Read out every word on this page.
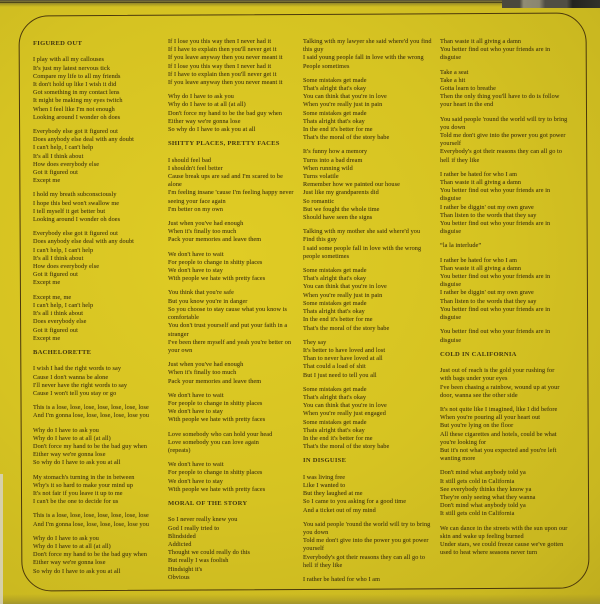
FIGURED OUT
I play with all my callouses
It's just my latest nervous tick
Compare my life to all my friends
It don't hold up like I wish it did
Got something in my contact lens
It might be making my eyes twitch
When I feel like I'm not enough
Looking around I wonder oh does
Everybody else got it figured out
Does anybody else deal with any doubt
I can't help, I can't help
It's all I think about
How does everybody else
Got it figured out
Except me
I hold my breath subconsciously
I hope this bed won't swallow me
I tell myself it get better but
Looking around I wonder oh does
Everybody else got it figured out
Does anybody else deal with any doubt
I can't help, I can't help
It's all I think about
How does everybody else
Got it figured out
Except me
Except me, me
I can't help, I can't help
It's all i think about
Does everybody else
Got it figured out
Except me
BACHELORETTE
I wish I had the right words to say
Cause I don't wanna be alone
I'll never have the right words to say
Cause I won't tell you stay or go
This is a lose, lose, lose, lose, lose, lose, lose
And I'm gonna lose, lose, lose, lose, lose you
Why do I have to ask you
Why do I have to at all (at all)
Don't force my hand to be the bad guy when
Either way we're gonna lose
So why do I have to ask you at all
My stomach's turning in the in between
Why's it so hard to make your mind up
It's not fair if you leave it up to me
I can't be the one to decide for us
This is a lose, lose, lose, lose, lose, lose, lose
And I'm gonna lose, lose, lose, lose, lose you
Why do I have to ask you
Why do I have to at all (at all)
Don't force my hand to be the bad guy when
Either way we're gonna lose
So why do I have to ask you at all
If I lose you this way then I never had it
If I have to explain then you'll never get it
If you leave anyway then you never meant it
If I lose you this way then I never had it
If I have to explain then you'll never get it
If you leave anyway then you never meant it
Why do I have to ask you
Why do I have to at all (at all)
Don't force my hand to be the bad guy when
Either way we're gonna lose
So why do I have to ask you at all
SHITTY PLACES, PRETTY FACES
I should feel bad
I shouldn't feel better
Cause break ups are sad and I'm scared to be alone
I'm feeling insane 'cause I'm feeling happy never seeing your face again
I'm better on my own
Just when you've had enough
When it's finally too much
Pack your memories and leave them
We don't have to wait
For people to change in shitty places
We don't have to stay
With people we hate with pretty faces
You think that you're safe
But you know you're in danger
So you choose to stay cause what you know is comfortable
You don't trust yourself and put your faith in a stranger
I've been there myself and yeah you're better on your own
Just when you've had enough
When it's finally too much
Pack your memories and leave them
We don't have to wait
For people to change in shitty places
We don't have to stay
With people we hate with pretty faces
Love somebody who can hold your head
Love somebody you can love again
(repeats)
We don't have to wait
For people to change in shitty places
We don't have to stay
With people we hate with pretty faces
MORAL OF THE STORY
So I never really knew you
God I really tried to
Blindsided
Addicted
Thought we could really do this
But really I was foolish
Hindsight it's
Obvious
Talking with my lawyer she said where'd you find this guy
I said young people fall in love with the wrong
People sometimes
Some mistakes get made
That's alright that's okay
You can think that you're in love
When you're really just in pain
Some mistakes get made
Thats alright that's okay
In the end it's better for me
That's the moral of the story babe
It's funny how a memory
Turns into a bad dream
When running wild
Turns volatile
Remember how we painted our house
Just like my grandparents did
So romantic
But we fought the whole time
Should have seen the signs
Talking with my mother she said where'd you
Find this guy
I said some people fall in love with the wrong
people sometimes
Some mistakes get made
That's alright that's okay
You can think that you're in love
When you're really just in pain
Some mistakes get made
Thats alright that's okay
In the end it's better for me
That's the moral of the story babe
They say
It's better to have loved and lost
Than to never have loved at all
That could a load of shit
But I just need to tell you all
Some mistakes get made
That's alright that's okay
You can think that you're in love
When you're really just engaged
Some mistakes get made
Thats alright that's okay
In the end it's better for me
That's the moral of the story babe
IN DISGUISE
I was living free
Like I wanted to
But they laughed at me
So I came to you asking for a good time
And a ticket out of my mind
You said people 'round the world will try to bring you down
Told me don't give into the power you got power yourself
Everybody's got their reasons they can all go to hell if they like
I rather be hated for who I am
Than waste it all giving a damn
You better find out who your friends are in disguise
Take a seat
Take a hit
Gotta learn to breathe
Then the only thing you'll have to do is follow your heart in the end
You said people 'round the world will try to bring you down
Told me don't give into the power you got power yourself
Everybody's got their reasons they can all go to hell if they like
I rather be hated for who I am
Than waste it all giving a damn
You better find out who your friends are in disguise
I rather be diggin' out my own grave
Than listen to the words that they say
You better find out who your friends are in disguise
“la la interlude”
I rather be hated for who I am
Than waste it all giving a damn
You better find out who your friends are in disguise
I rather be diggin' out my own grave
Than listen to the words that they say
You better find out who your friends are in disguise
You better find out who your friends are in disguise
COLD IN CALIFORNIA
Just out of reach is the gold your rushing for
with bags under your eyes
I've been chasing a rainbow, wound up at your door, wanna see the other side
It's not quite like I imagined, like I did before
When you're pouring all your heart out
But you're lying on the floor
All these cigarettes and hotels, could be what you're looking for
But it's not what you expected and you're left wanting more
Don't mind what anybody told ya
It still gets cold in California
See everybody thinks they know ya
They're only seeing what they wanna
Don't mind what anybody told ya
It still gets cold in California
We can dance in the streets with the sun upon our skin and wake up feeling burned
Under stars, we could freeze cause we've gotten used to heat where seasons never turn
